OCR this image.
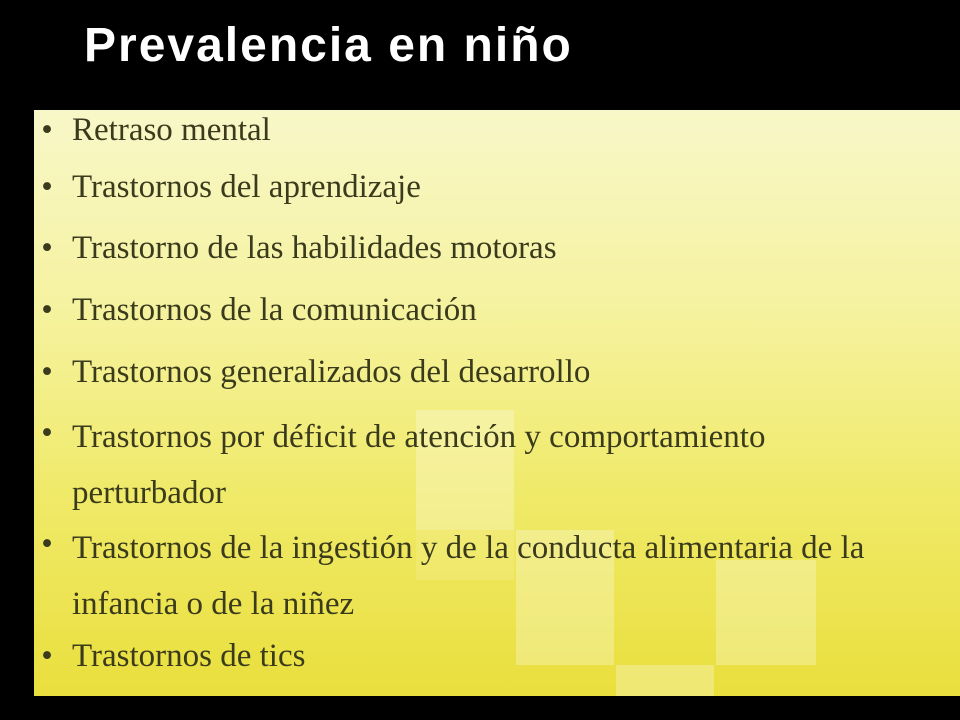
Prevalencia en niño
• Retraso mental
• Trastornos del aprendizaje
• Trastorno de las habilidades motoras
• Trastornos de la comunicación
• Trastornos generalizados del desarrollo
• Trastornos por déficit de atención y comportamiento perturbador
• Trastornos de la ingestión y de la conducta alimentaria de la infancia o de la niñez
• Trastornos de tics
